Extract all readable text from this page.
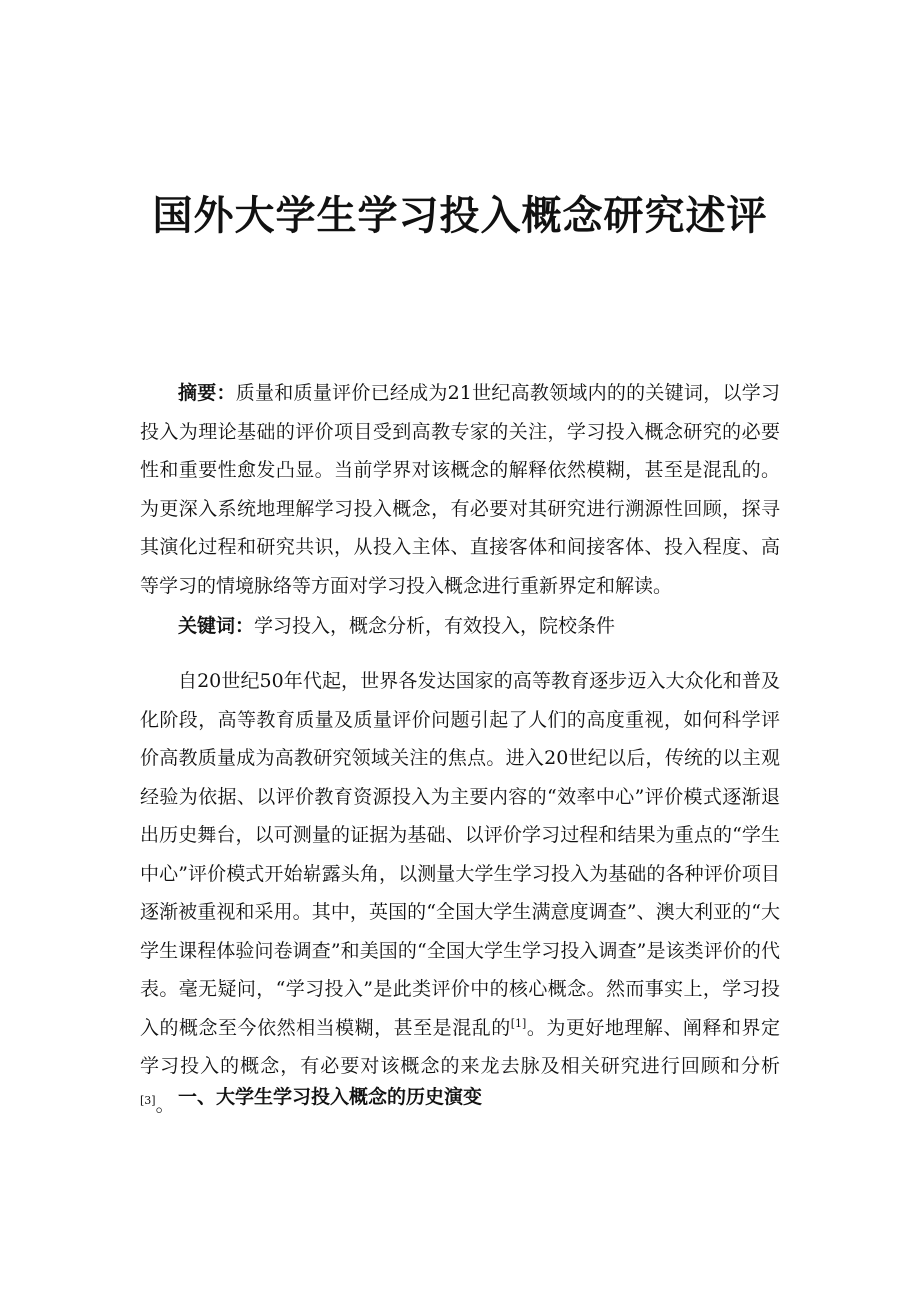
国外大学生学习投入概念研究述评
摘要：质量和质量评价已经成为21世纪高教领域内的的关键词，以学习投入为理论基础的评价项目受到高教专家的关注，学习投入概念研究的必要性和重要性愈发凸显。当前学界对该概念的解释依然模糊，甚至是混乱的。为更深入系统地理解学习投入概念，有必要对其研究进行溯源性回顾，探寻其演化过程和研究共识，从投入主体、直接客体和间接客体、投入程度、高等学习的情境脉络等方面对学习投入概念进行重新界定和解读。
关键词：学习投入，概念分析，有效投入，院校条件
自20世纪50年代起，世界各发达国家的高等教育逐步迈入大众化和普及化阶段，高等教育质量及质量评价问题引起了人们的高度重视，如何科学评价高教质量成为高教研究领域关注的焦点。进入20世纪以后，传统的以主观经验为依据、以评价教育资源投入为主要内容的“效率中心”评价模式逐渐退出历史舞台，以可测量的证据为基础、以评价学习过程和结果为重点的“学生中心”评价模式开始崭露头角，以测量大学生学习投入为基础的各种评价项目逐渐被重视和采用。其中，英国的“全国大学生满意度调查”、澳大利亚的“大学生课程体验问卷调查”和美国的“全国大学生学习投入调查”是该类评价的代表。毫无疑问，“学习投入”是此类评价中的核心概念。然而事实上，学习投入的概念至今依然相当模糊，甚至是混乱的[1]。为更好地理解、阐释和界定学习投入的概念，有必要对该概念的来龙去脉及相关研究进行回顾和分析[3]。 一、大学生学习投入概念的历史演变
